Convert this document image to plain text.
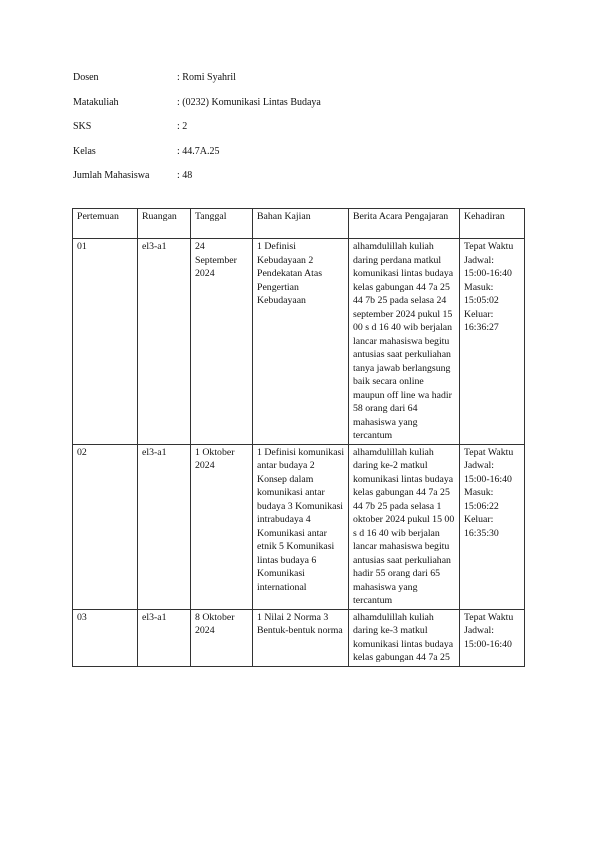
Dosen	: Romi Syahril
Matakuliah	: (0232) Komunikasi Lintas Budaya
SKS	: 2
Kelas	: 44.7A.25
Jumlah Mahasiswa	: 48
Pertemuan	Ruangan	Tanggal	Bahan Kajian	Berita Acara Pengajaran	Kehadiran
01	el3-a1	24 September 2024	1 Definisi Kebudayaan 2 Pendekatan Atas Pengertian Kebudayaan	alhamdulillah kuliah daring perdana matkul komunikasi lintas budaya kelas gabungan 44 7a 25 44 7b 25 pada selasa 24 september 2024 pukul 15 00 s d 16 40 wib berjalan lancar mahasiswa begitu antusias saat perkuliahan tanya jawab berlangsung baik secara online maupun off line wa hadir 58 orang dari 64 mahasiswa yang tercantum	Tepat Waktu Jadwal: 15:00-16:40 Masuk: 15:05:02 Keluar: 16:36:27
02	el3-a1	1 Oktober 2024	1 Definisi komunikasi antar budaya 2 Konsep dalam komunikasi antar budaya 3 Komunikasi intrabudaya 4 Komunikasi antar etnik 5 Komunikasi lintas budaya 6 Komunikasi international	alhamdulillah kuliah daring ke-2 matkul komunikasi lintas budaya kelas gabungan 44 7a 25 44 7b 25 pada selasa 1 oktober 2024 pukul 15 00 s d 16 40 wib berjalan lancar mahasiswa begitu antusias saat perkuliahan hadir 55 orang dari 65 mahasiswa yang tercantum	Tepat Waktu Jadwal: 15:00-16:40 Masuk: 15:06:22 Keluar: 16:35:30
03	el3-a1	8 Oktober 2024	1 Nilai 2 Norma 3 Bentuk-bentuk norma	alhamdulillah kuliah daring ke-3 matkul komunikasi lintas budaya kelas gabungan 44 7a 25	Tepat Waktu Jadwal: 15:00-16:40
